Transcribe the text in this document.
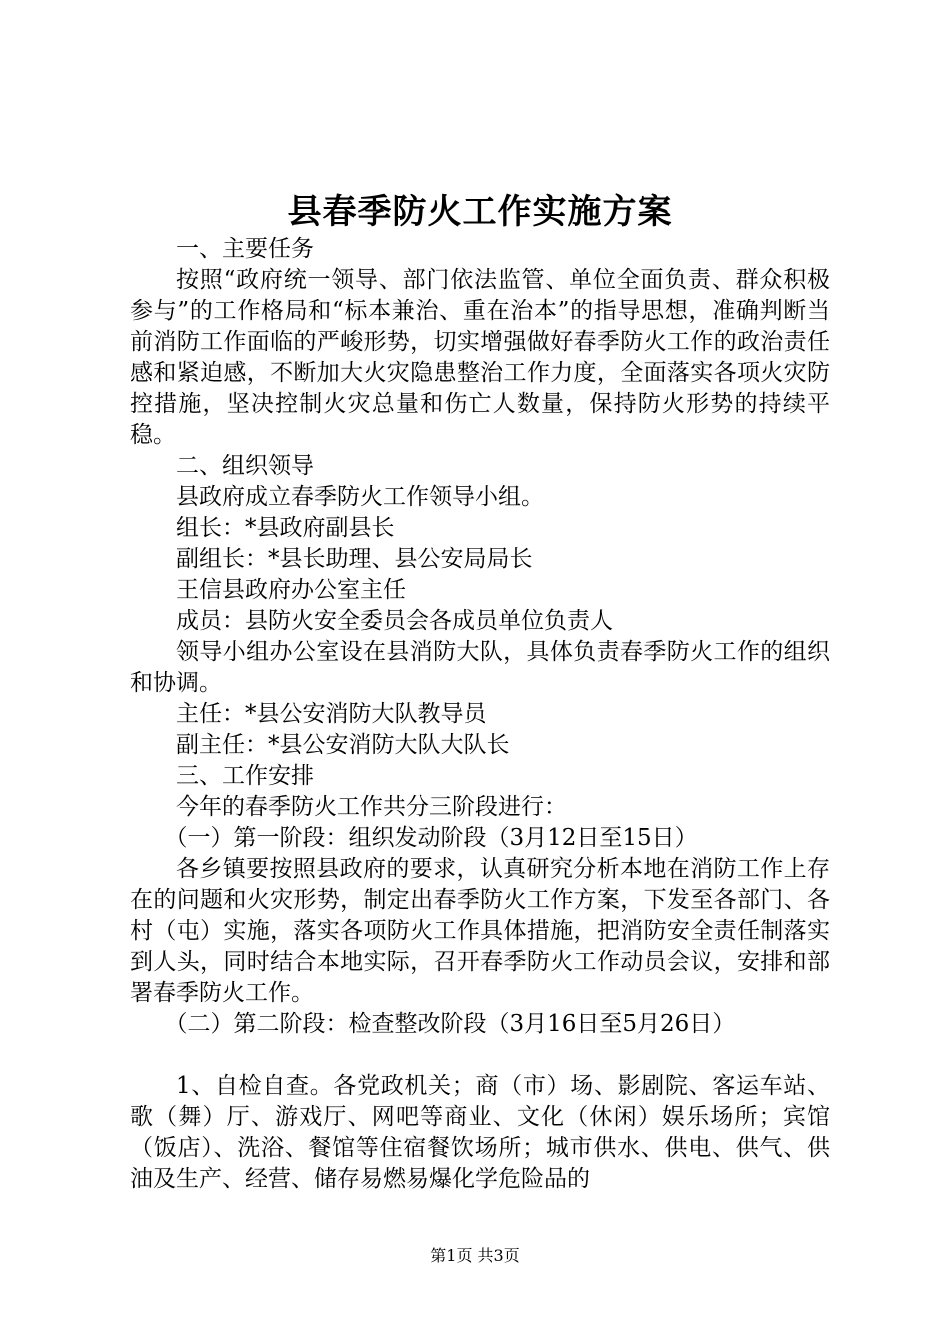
县春季防火工作实施方案

一、主要任务

按照“政府统一领导、部门依法监管、单位全面负责、群众积极参与”的工作格局和“标本兼治、重在治本”的指导思想，准确判断当前消防工作面临的严峻形势，切实增强做好春季防火工作的政治责任感和紧迫感，不断加大火灾隐患整治工作力度，全面落实各项火灾防控措施，坚决控制火灾总量和伤亡人数量，保持防火形势的持续平稳。

二、组织领导

县政府成立春季防火工作领导小组。

组长：*县政府副县长

副组长：*县长助理、县公安局局长

王信县政府办公室主任

成员：县防火安全委员会各成员单位负责人

领导小组办公室设在县消防大队，具体负责春季防火工作的组织和协调。

主任：*县公安消防大队教导员

副主任：*县公安消防大队大队长

三、工作安排

今年的春季防火工作共分三阶段进行：

（一）第一阶段：组织发动阶段（3月12日至15日）

各乡镇要按照县政府的要求，认真研究分析本地在消防工作上存在的问题和火灾形势，制定出春季防火工作方案，下发至各部门、各村（屯）实施，落实各项防火工作具体措施，把消防安全责任制落实到人头，同时结合本地实际，召开春季防火工作动员会议，安排和部署春季防火工作。

（二）第二阶段：检查整改阶段（3月16日至5月26日）

1、自检自查。各党政机关；商（市）场、影剧院、客运车站、歌（舞）厅、游戏厅、网吧等商业、文化（休闲）娱乐场所；宾馆（饭店）、洗浴、餐馆等住宿餐饮场所；城市供水、供电、供气、供油及生产、经营、储存易燃易爆化学危险品的

第1页 共3页
